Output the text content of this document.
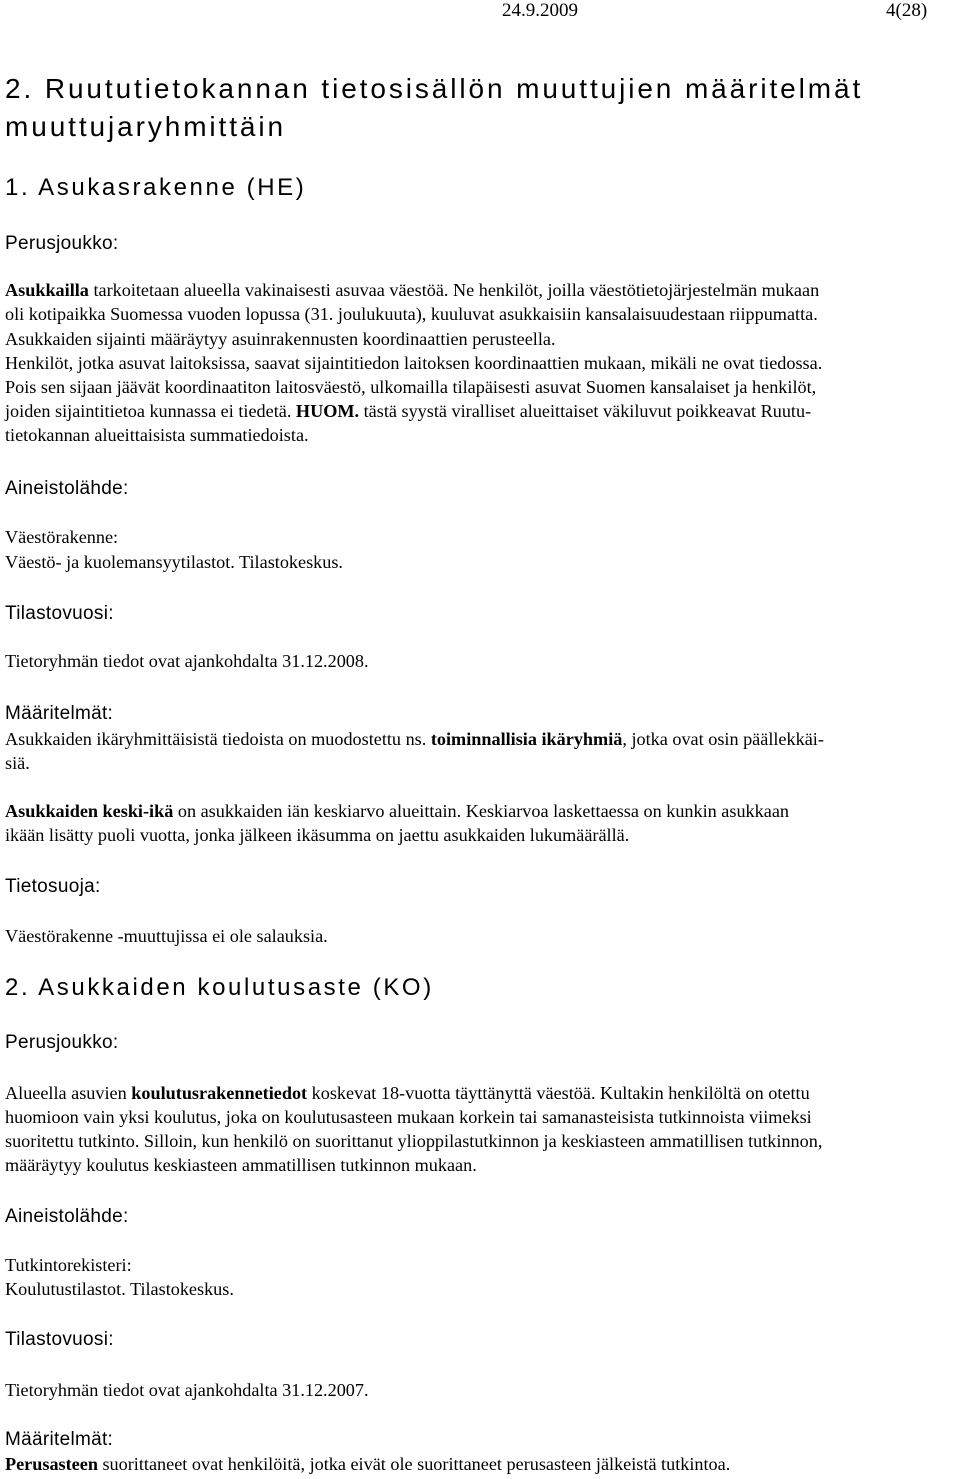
24.9.2009	4(28)
2. Ruututietokannan tietosisällön muuttujien määritelmät
muuttujaryhmittäin
1. Asukasrakenne (HE)
Perusjoukko:
Asukkailla tarkoitetaan alueella vakinaisesti asuvaa väestöä. Ne henkilöt, joilla väestötietojärjestelmän mukaan
oli kotipaikka Suomessa vuoden lopussa (31. joulukuuta), kuuluvat asukkaisiin kansalaisuudestaan riippumatta.
Asukkaiden sijainti määräytyy asuinrakennusten koordinaattien perusteella.
Henkilöt, jotka asuvat laitoksissa, saavat sijaintitiedon laitoksen koordinaattien mukaan, mikäli ne ovat tiedossa.
Pois sen sijaan jäävät koordinaatiton laitosväestö, ulkomailla tilapäisesti asuvat Suomen kansalaiset ja henkilöt,
joiden sijaintitietoa kunnassa ei tiedetä. HUOM. tästä syystä viralliset alueittaiset väkiluvut poikkeavat Ruutu-
tietokannan alueittaisista summatiedoista.
Aineistolähde:
Väestörakenne:
Väestö- ja kuolemansyytilastot. Tilastokeskus.
Tilastovuosi:
Tietoryhmän tiedot ovat ajankohdalta 31.12.2008.
Määritelmät:
Asukkaiden ikäryhmittäisistä tiedoista on muodostettu ns. toiminnallisia ikäryhmiä, jotka ovat osin päällekkäi-
siä.
Asukkaiden keski-ikä on asukkaiden iän keskiarvo alueittain. Keskiarvoa laskettaessa on kunkin asukkaan
ikään lisätty puoli vuotta, jonka jälkeen ikäsumma on jaettu asukkaiden lukumäärällä.
Tietosuoja:
Väestörakenne -muuttujissa ei ole salauksia.
2. Asukkaiden koulutusaste (KO)
Perusjoukko:
Alueella asuvien koulutusrakennetiedot koskevat 18-vuotta täyttänyttä väestöä. Kultakin henkilöltä on otettu
huomioon vain yksi koulutus, joka on koulutusasteen mukaan korkein tai samanasteisista tutkinnoista viimeksi
suoritettu tutkinto. Silloin, kun henkilö on suorittanut ylioppilastutkinnon ja keskiasteen ammatillisen tutkinnon,
määräytyy koulutus keskiasteen ammatillisen tutkinnon mukaan.
Aineistolähde:
Tutkintorekisteri:
Koulutustilastot. Tilastokeskus.
Tilastovuosi:
Tietoryhmän tiedot ovat ajankohdalta 31.12.2007.
Määritelmät:
Perusasteen suorittaneet ovat henkilöitä, jotka eivät ole suorittaneet perusasteen jälkeistä tutkintoa.
